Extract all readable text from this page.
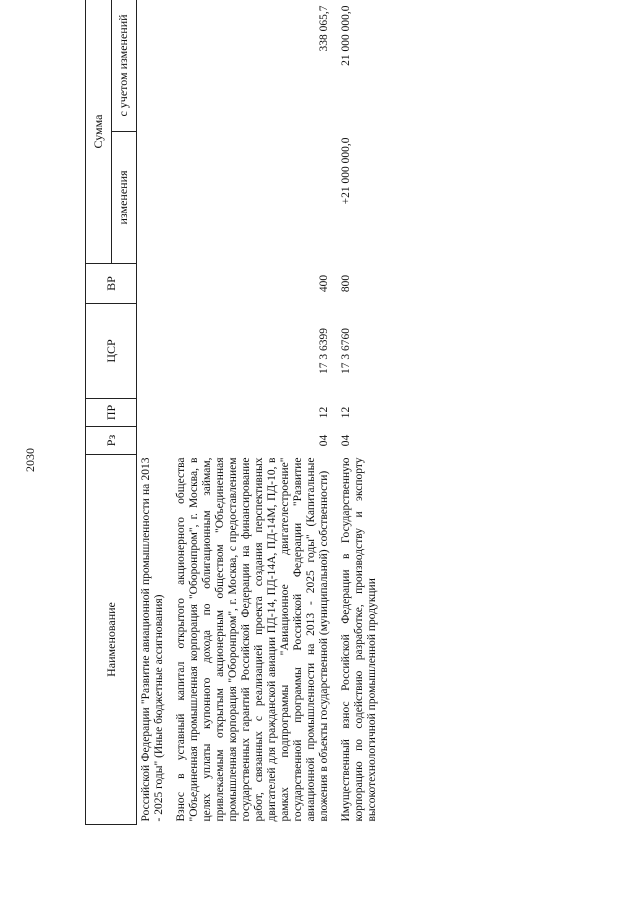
2030
Наименование	Рз	ПР	ЦСР	ВР	Сумма	
					изменения	с учетом изменений
Российской Федерации "Развитие авиационной промышленности на 2013 - 2025 годы" (Иные бюджетные ассигнования)						
Взнос в уставный капитал открытого акционерного общества "Объединенная промышленная корпорация "Оборонпром", г. Москва, в целях уплаты купонного дохода по облигационным займам, привлекаемым открытым акционерным обществом "Объединенная промышленная корпорация "Оборонпром", г. Москва, с предоставлением государственных гарантий Российской Федерации на финансирование работ, связанных с реализацией проекта создания перспективных двигателей для гражданской авиации ПД-14, ПД-14А, ПД-14М, ПД-10, в рамках подпрограммы "Авиационное двигателестроение" государственной программы Российской Федерации "Развитие авиационной промышленности на 2013 - 2025 годы" (Капитальные вложения в объекты государственной (муниципальной) собственности)	04	12	17 3 6399	400		338 065,7
Имущественный взнос Российской Федерации в Государственную корпорацию по содействию разработке, производству и экспорту высокотехнологичной промышленной продукции	04	12	17 3 6760	800	+21 000 000,0	21 000 000,0
